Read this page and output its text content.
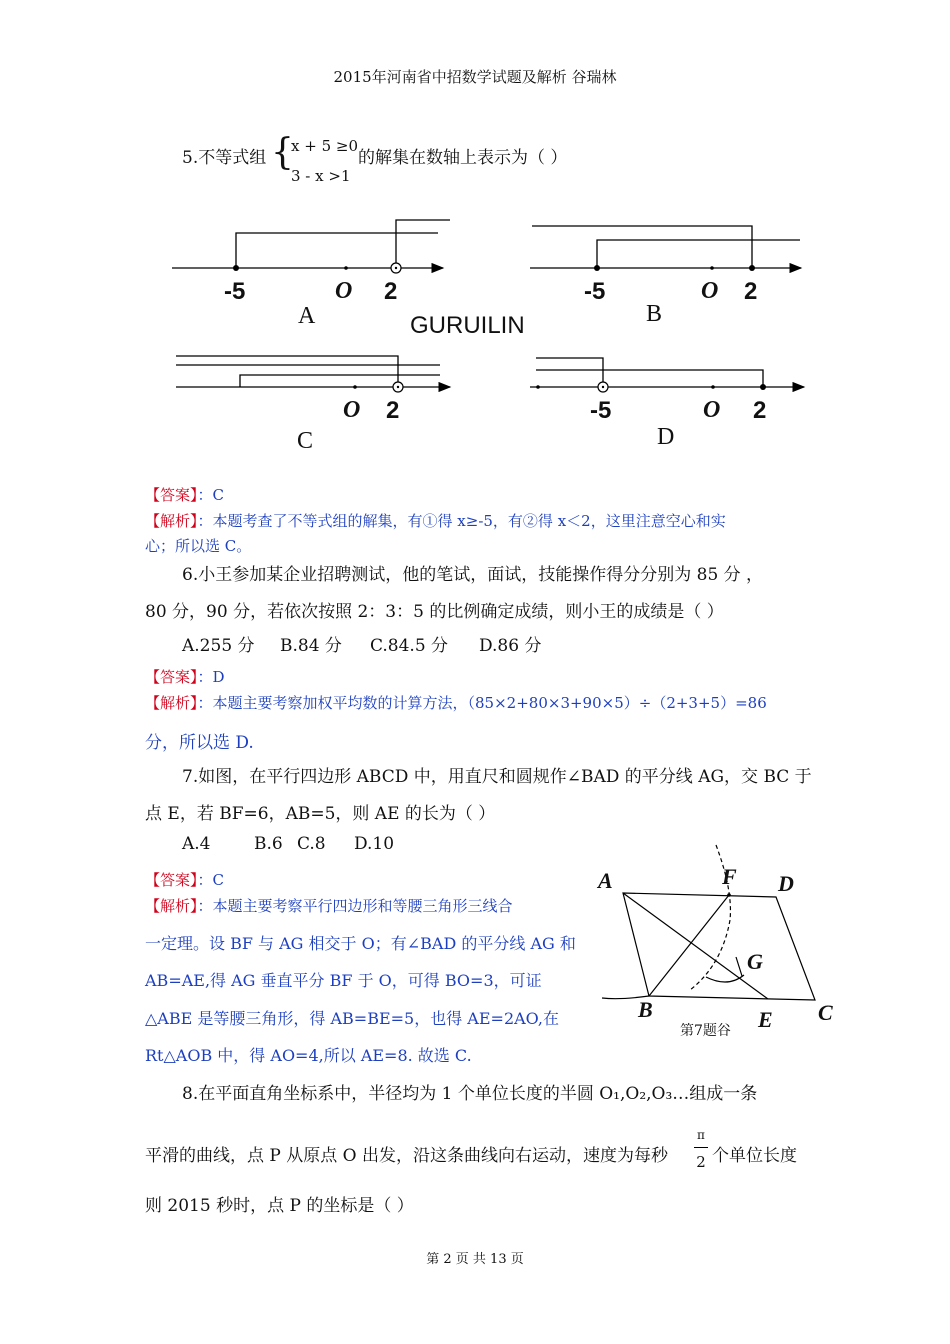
2015年河南省中招数学试题及解析 谷瑞林
5.不等式组 {
x + 5 ≥0
3 - x >1
的解集在数轴上表示为（ ）
-5	O 2
A	GURUILIN
-5	O 2
B
O 2
C
-5	O 2
D
【答案】：C
【解析】：本题考查了不等式组的解集，有①得 x≥-5，有②得 x＜2，这里注意空心和实
心；所以选 C。
6.小王参加某企业招聘测试，他的笔试，面试，技能操作得分分别为 85 分 ，
80 分，90 分，若依次按照 2：3：5 的比例确定成绩，则小王的成绩是（ ）
A.255 分 B.84 分 C.84.5 分 D.86 分
【答案】：D
【解析】：本题主要考察加权平均数的计算方法，（85×2+80×3+90×5）÷（2+3+5）=86
分，所以选 D.
7.如图，在平行四边形 ABCD 中，用直尺和圆规作∠BAD 的平分线 AG，交 BC 于
点 E，若 BF=6，AB=5，则 AE 的长为（ ）
A.4	B.6 C.8 D.10
【答案】：C
【解析】：本题主要考察平行四边形和等腰三角形三线合
一定理。设 BF 与 AG 相交于 O；有∠BAD 的平分线 AG 和
AB=AE,得 AG 垂直平分 BF 于 O，可得 BO=3，可证
△ABE 是等腰三角形，得 AB=BE=5，也得 AE=2AO,在
Rt△AOB 中，得 AO=4,所以 AE=8. 故选 C.
A	F D
G
B	E C
第7题谷
8.在平面直角坐标系中，半径均为 1 个单位长度的半圆 O₁,O₂,O₃…组成一条
平滑的曲线，点 P 从原点 O 出发，沿这条曲线向右运动，速度为每秒
π
2 个单位长度
则 2015 秒时，点 P 的坐标是（ ）
第 2 页 共 13 页
